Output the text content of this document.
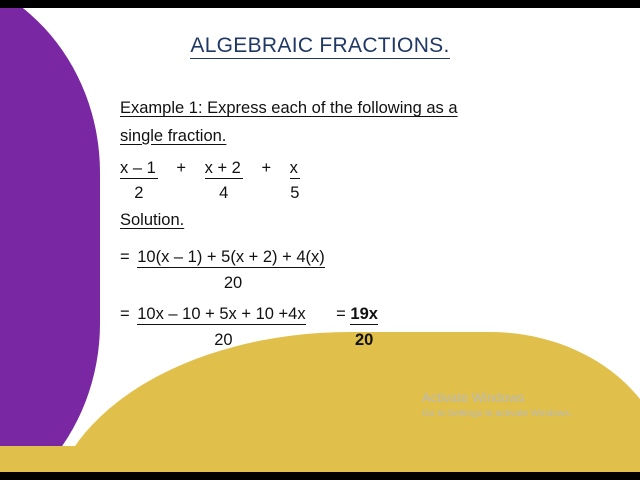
ALGEBRAIC FRACTIONS.
Example 1: Express each of the following as a
single fraction.
$\frac{x - 1}{2} + \frac{x + 2}{4} + \frac{x}{5}$
Solution.
= $\frac{10(x - 1) + 5(x + 2) + 4(x)}{20}$
= $\frac{10x - 10 + 5x + 10 +4x}{20} = \frac{19x}{20}$
Activate Windows
Go to Settings to activate Windows.
